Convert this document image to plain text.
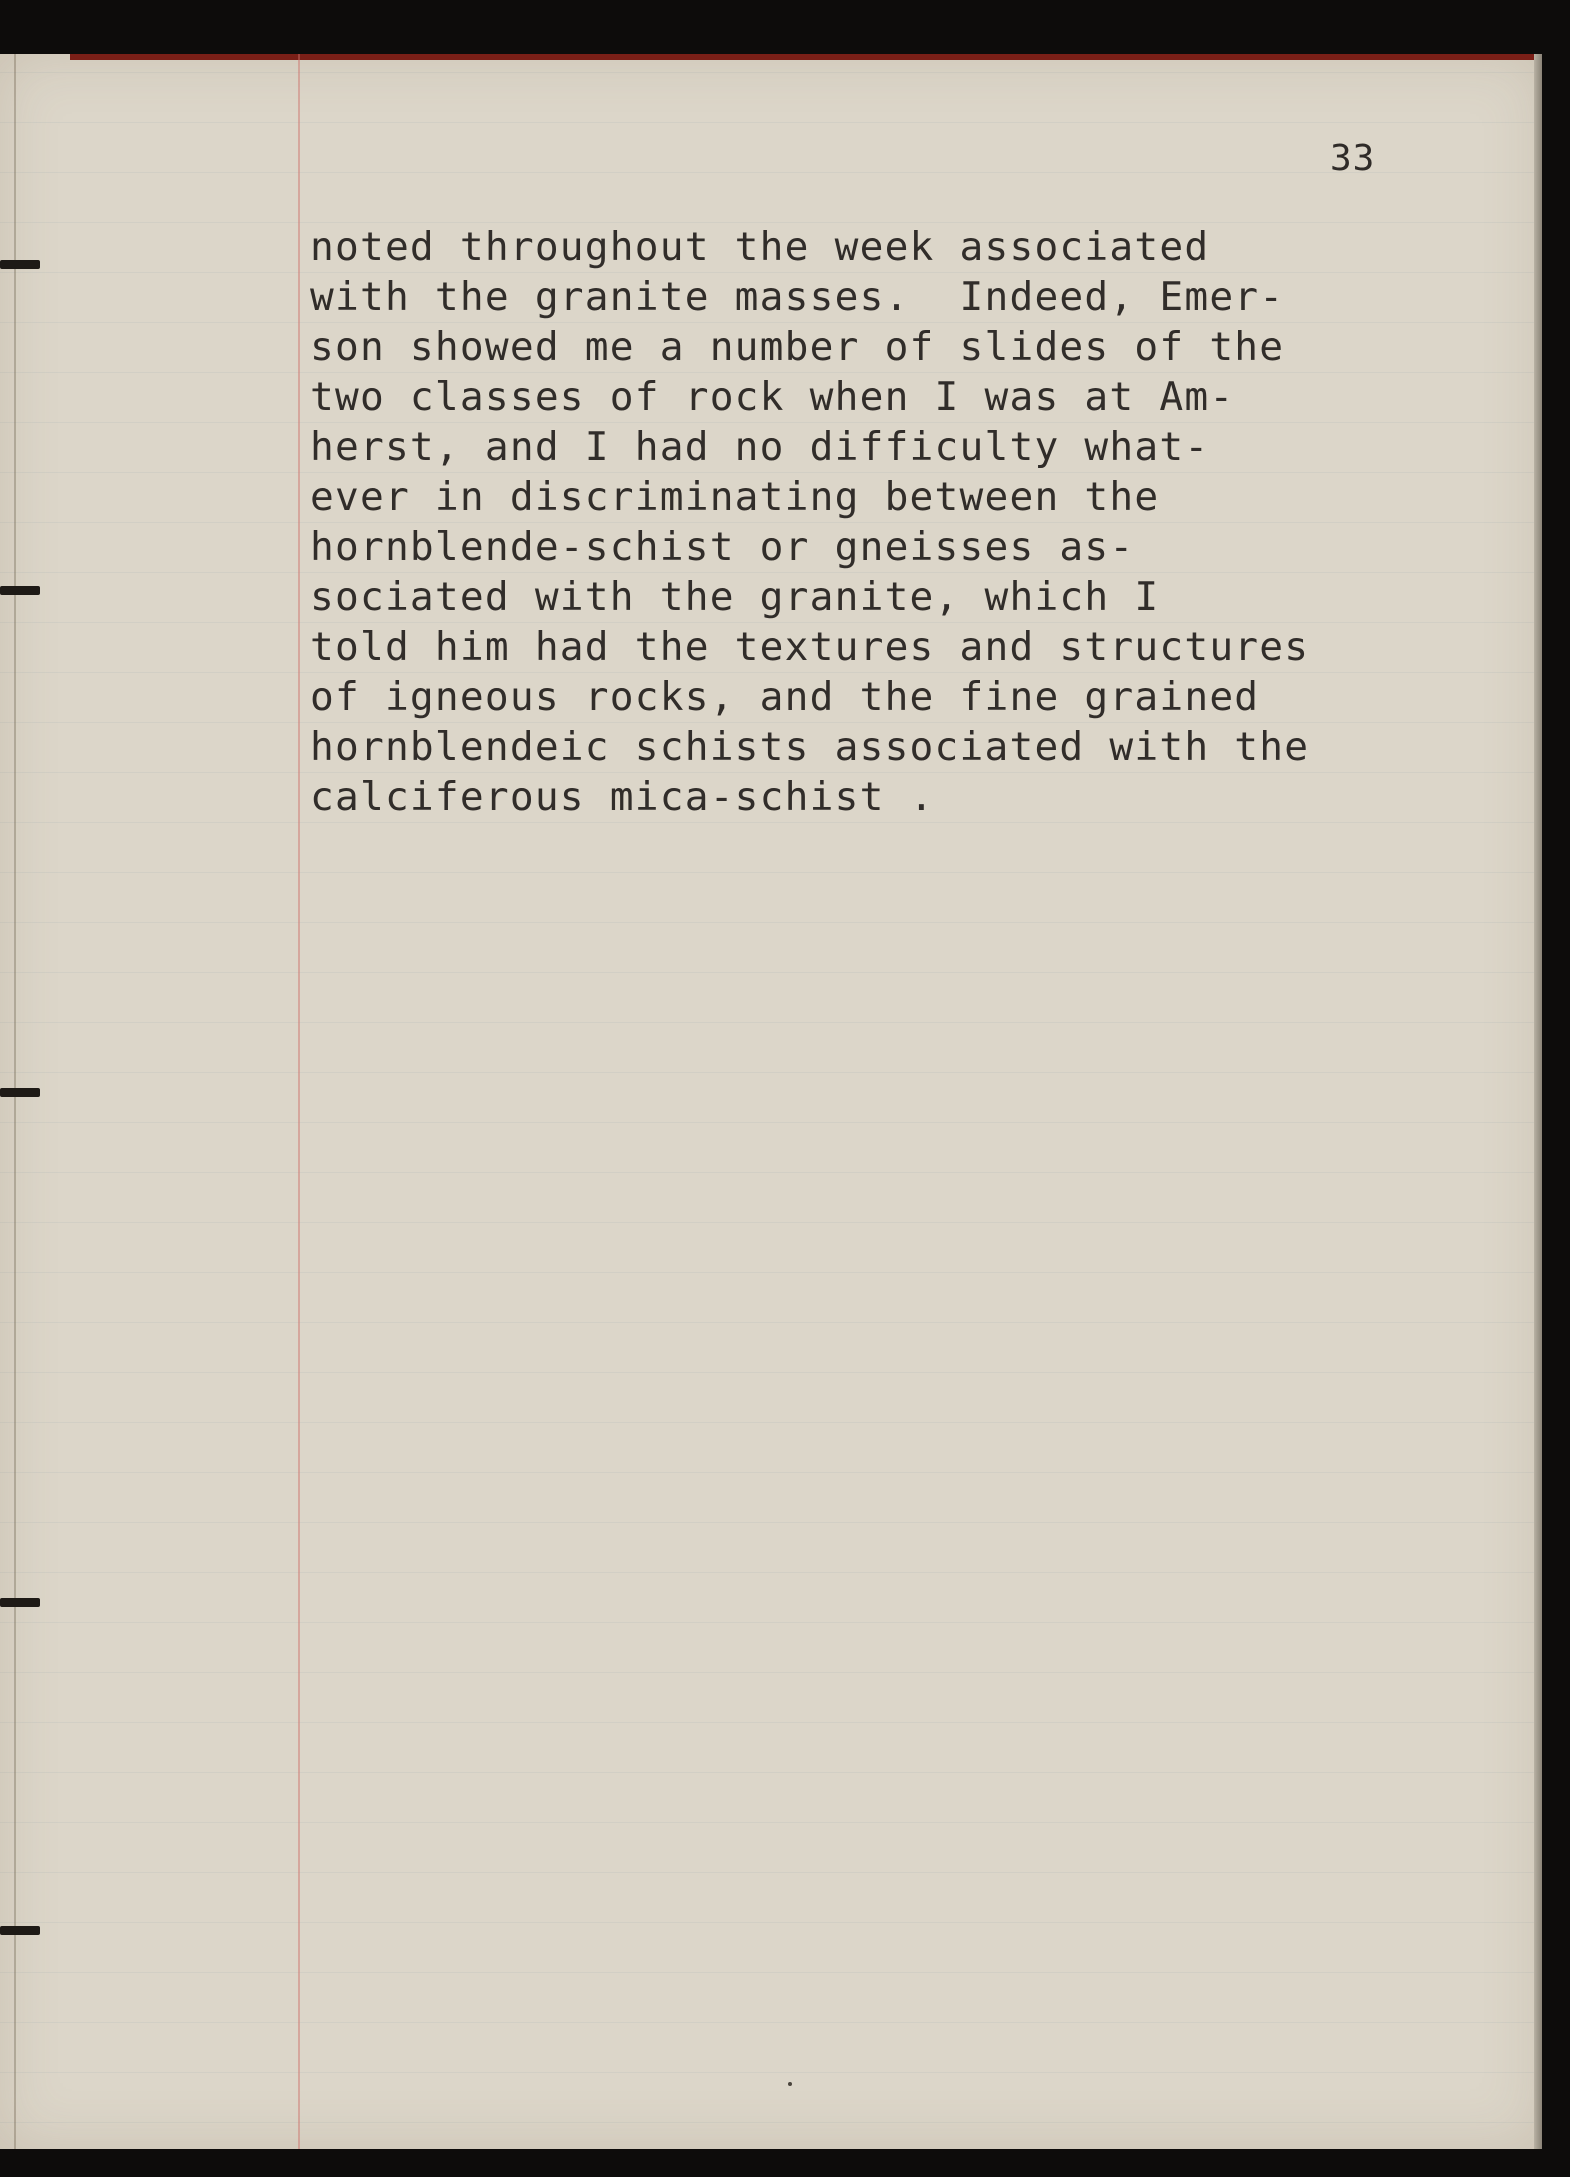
33
noted throughout the week associated
with the granite masses.  Indeed, Emer-
son showed me a number of slides of the
two classes of rock when I was at Am-
herst, and I had no difficulty what-
ever in discriminating between the
hornblende-schist or gneisses as-
sociated with the granite, which I
told him had the textures and structures
of igneous rocks, and the fine grained
hornblendeic schists associated with the
calciferous mica-schist .
